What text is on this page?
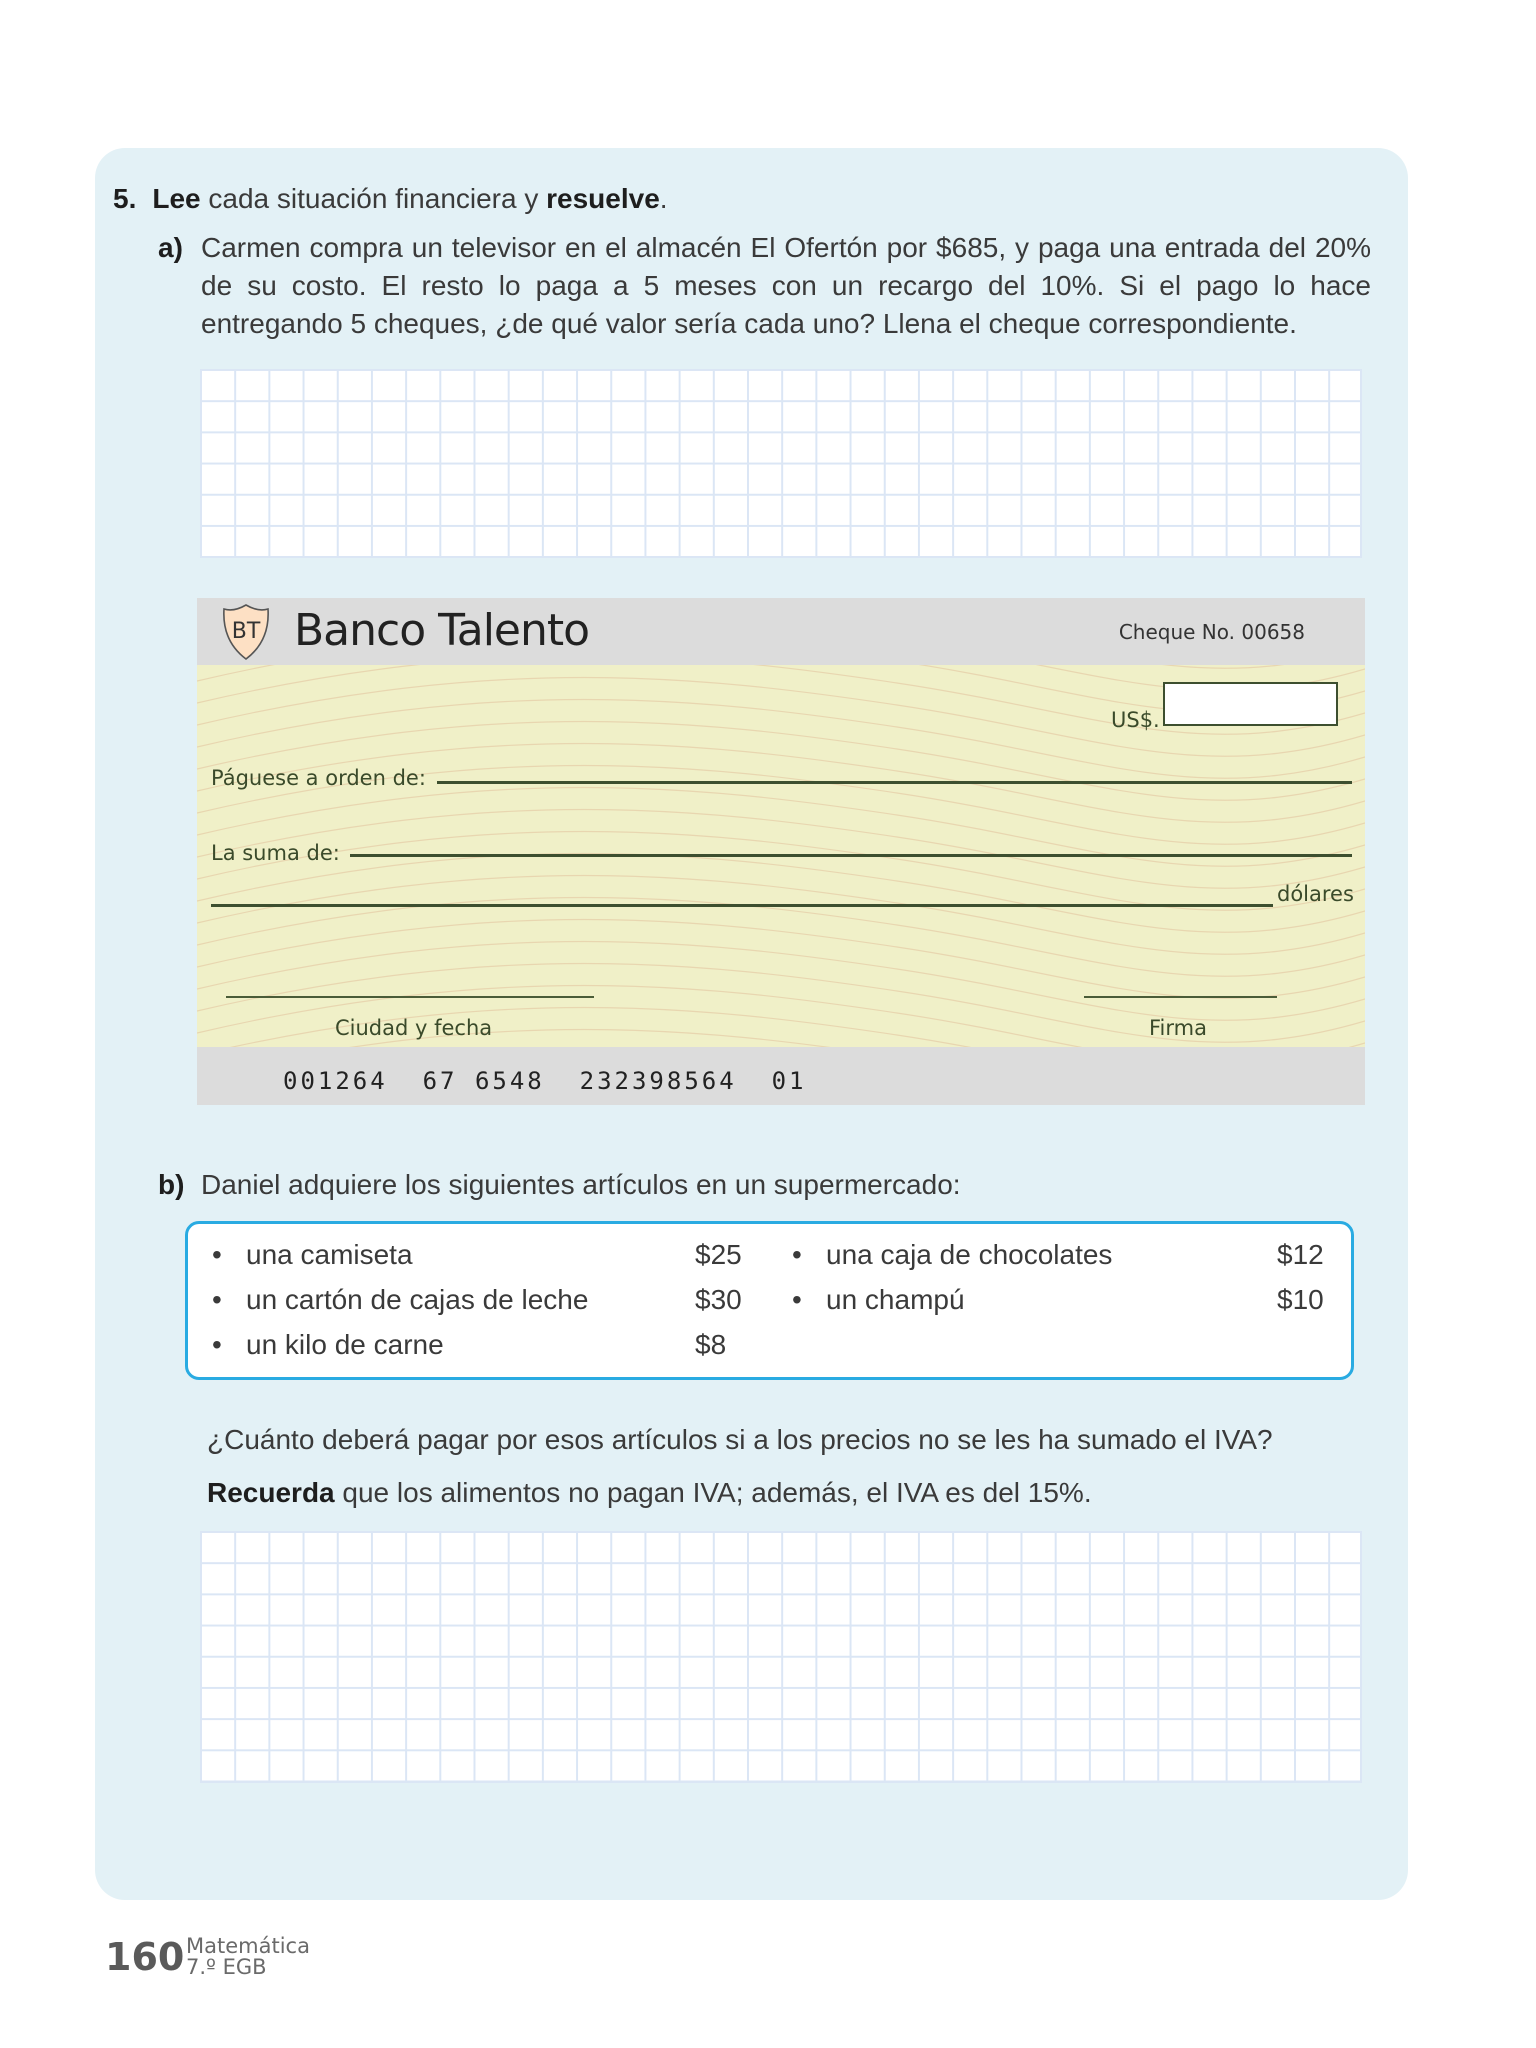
5. Lee cada situación financiera y resuelve.
a) Carmen compra un televisor en el almacén El Ofertón por $685, y paga una entrada del 20% de su costo. El resto lo paga a 5 meses con un recargo del 10%. Si el pago lo hace entregando 5 cheques, ¿de qué valor sería cada uno? Llena el cheque correspondiente.
BT Banco Talento	Cheque No. 00658
US$.
Páguese a orden de:
La suma de:
dólares
Ciudad y fecha	Firma
001264  67 6548  232398564  01
b) Daniel adquiere los siguientes artículos en un supermercado:
• una camiseta	$25
• un cartón de cajas de leche	$30
• un kilo de carne	$8
• una caja de chocolates	$12
• un champú	$10
¿Cuánto deberá pagar por esos artículos si a los precios no se les ha sumado el IVA?
Recuerda que los alimentos no pagan IVA; además, el IVA es del 15%.
160 Matemática
7.º EGB
